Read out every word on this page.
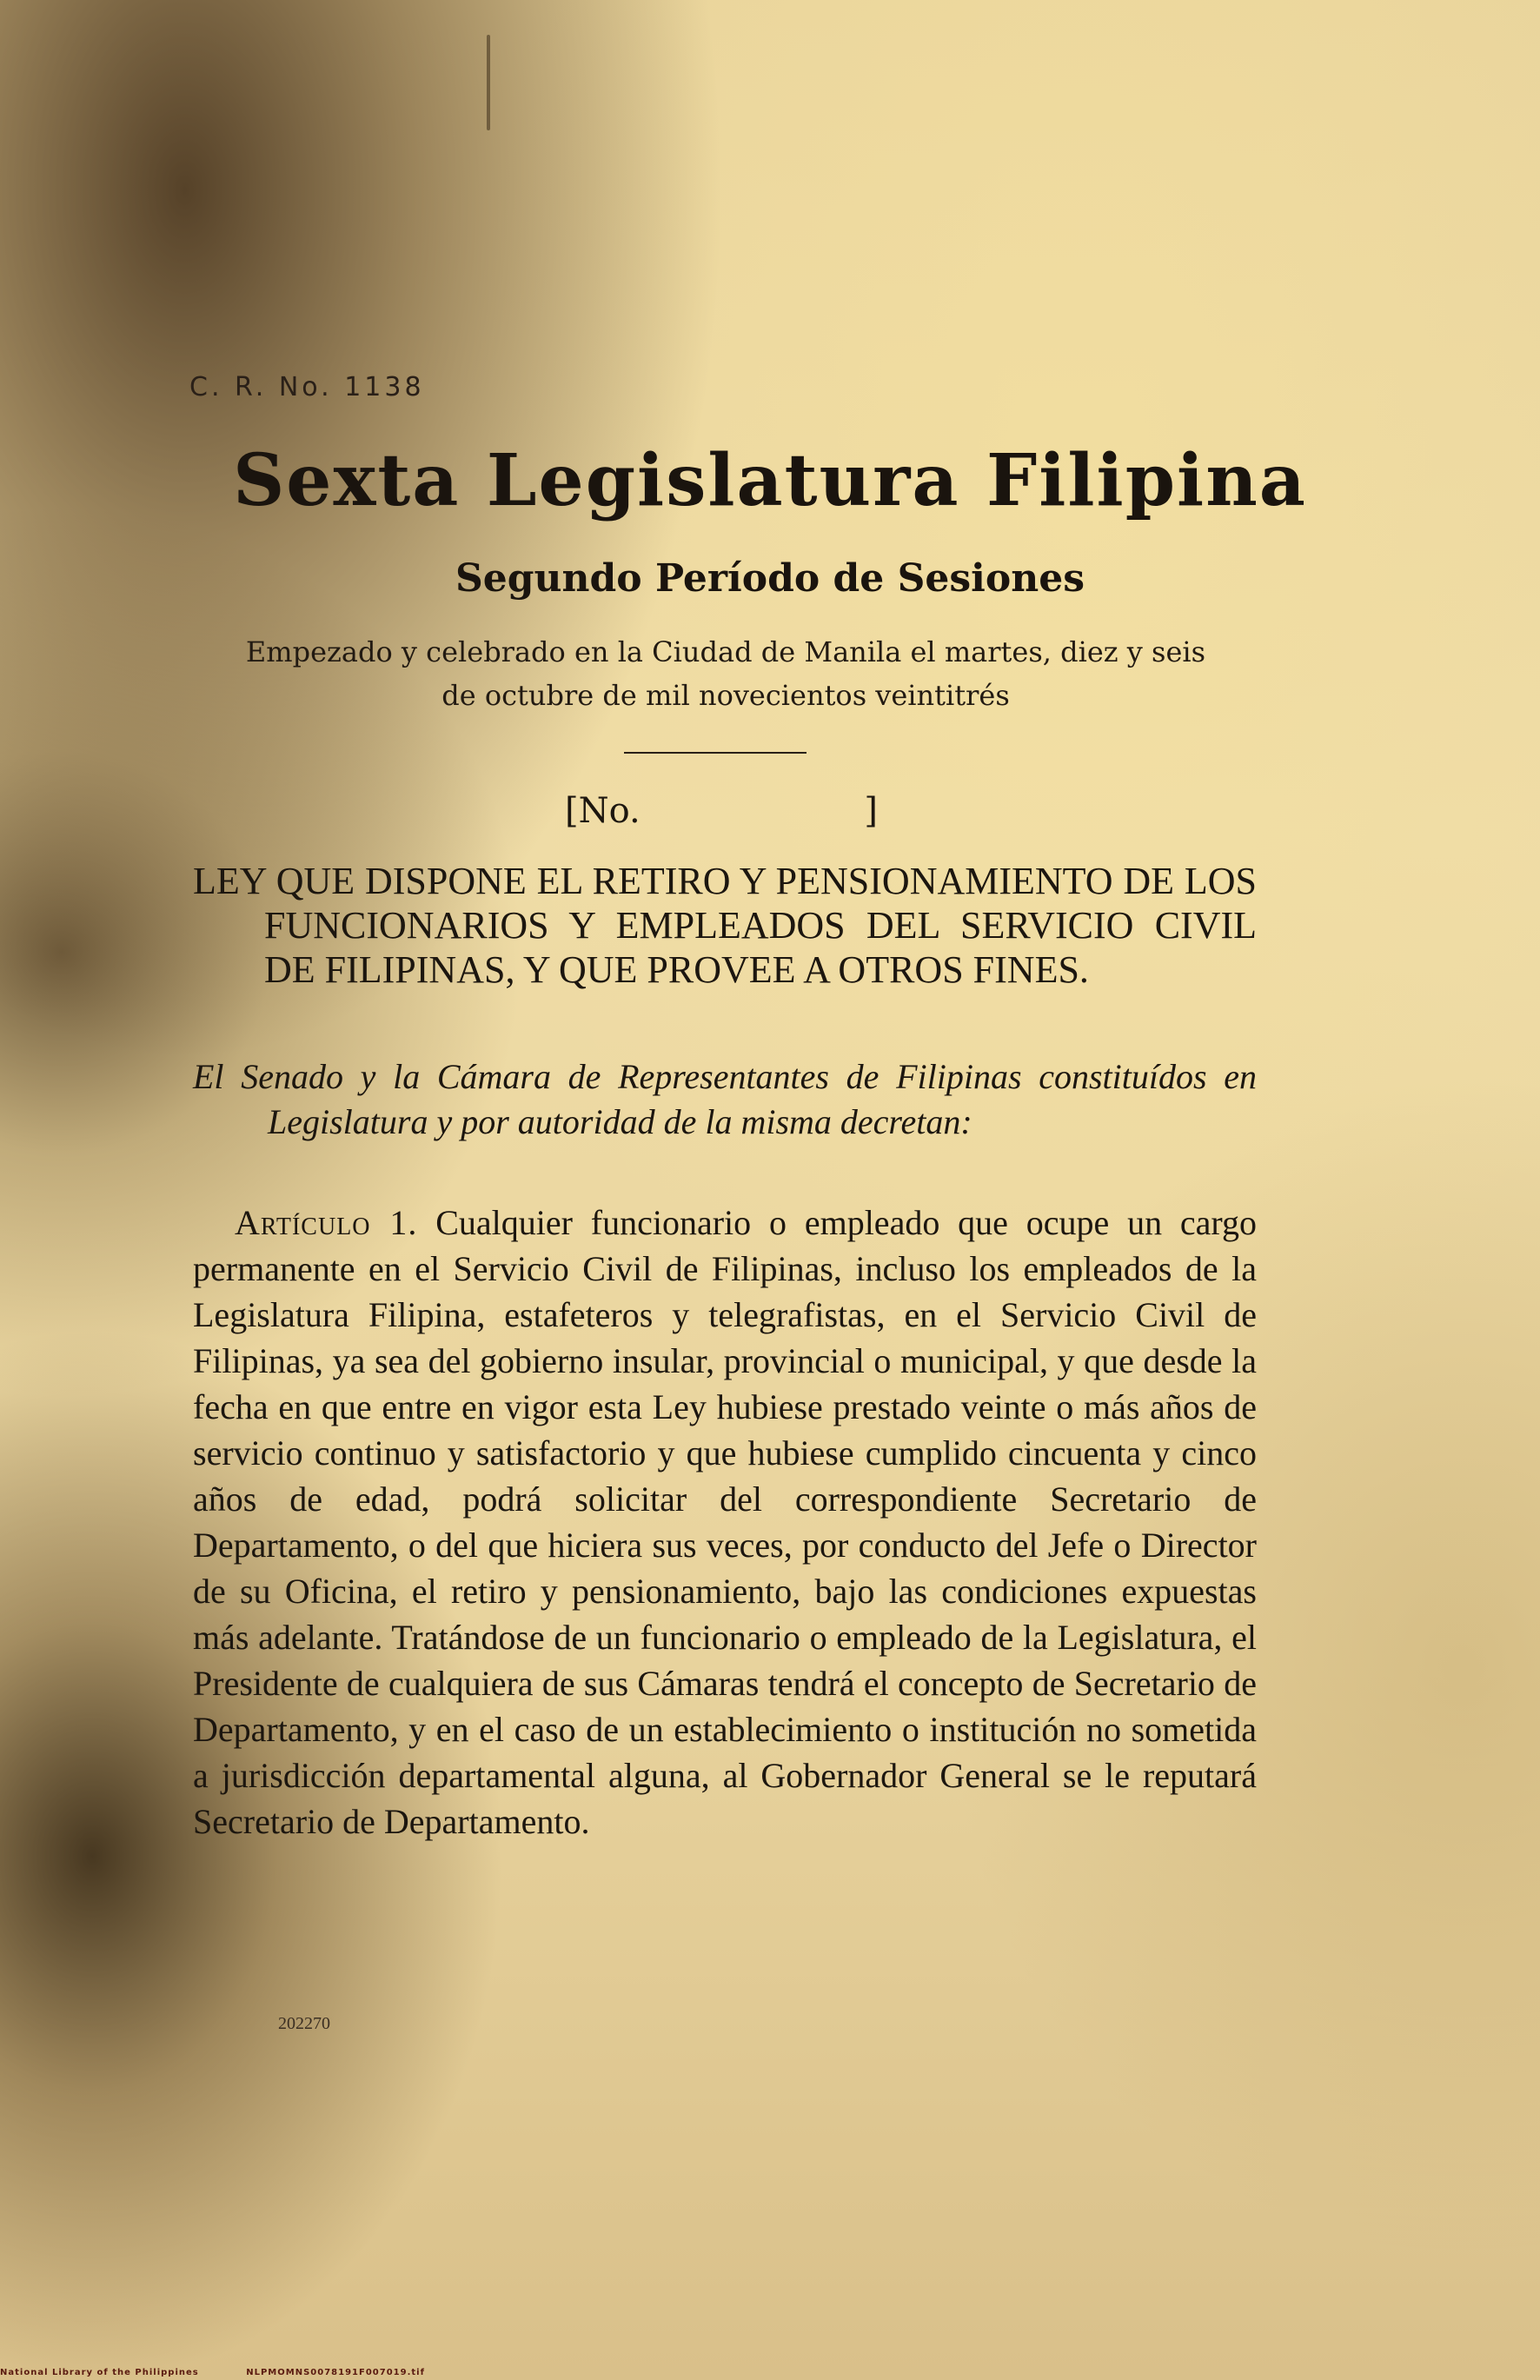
C. R. No. 1138
Sexta Legislatura Filipina
Segundo Período de Sesiones
Empezado y celebrado en la Ciudad de Manila el martes, diez y seis
de octubre de mil novecientos veintitrés
[No.	]
LEY QUE DISPONE EL RETIRO Y PENSIONAMIENTO DE LOS FUNCIONARIOS Y EMPLEADOS DEL SERVICIO CIVIL DE FILIPINAS, Y QUE PROVEE A OTROS FINES.
El Senado y la Cámara de Representantes de Filipinas constituídos en Legislatura y por autoridad de la misma decretan:
Artículo 1. Cualquier funcionario o empleado que ocupe un cargo permanente en el Servicio Civil de Filipinas, incluso los empleados de la Legislatura Filipina, estafeteros y telegrafistas, en el Servicio Civil de Filipinas, ya sea del gobierno insular, provincial o municipal, y que desde la fecha en que entre en vigor esta Ley hubiese prestado veinte o más años de servicio continuo y satisfactorio y que hubiese cumplido cincuenta y cinco años de edad, podrá solicitar del correspondiente Secretario de Departamento, o del que hiciera sus veces, por conducto del Jefe o Director de su Oficina, el retiro y pensionamiento, bajo las condiciones expuestas más adelante. Tratándose de un funcionario o empleado de la Legislatura, el Presidente de cualquiera de sus Cámaras tendrá el concepto de Secretario de Departamento, y en el caso de un establecimiento o institución no sometida a jurisdicción departamental alguna, al Gobernador General se le reputará Secretario de Departamento.
202270
National Library of the Philippines	NLPMOMNS0078191F007019.tif
